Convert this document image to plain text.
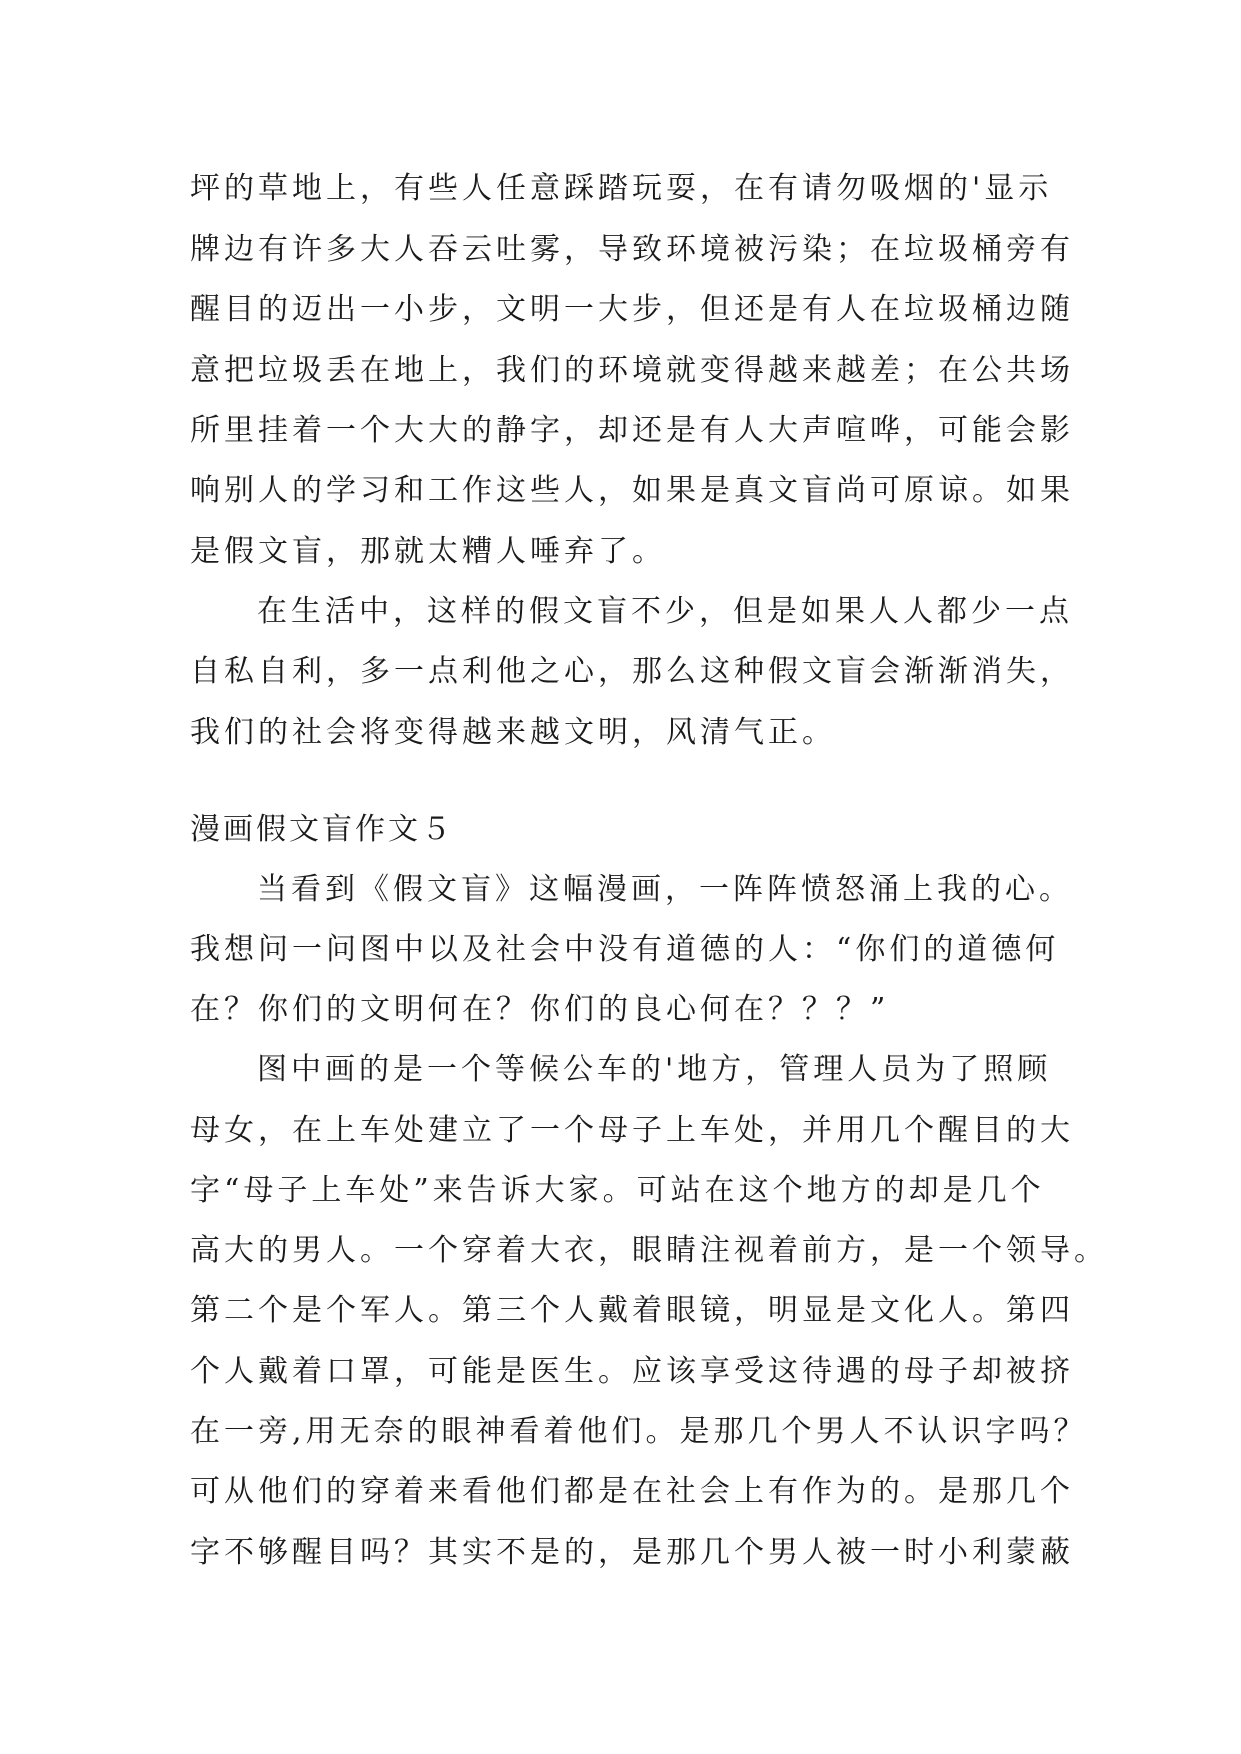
坪的草地上，有些人任意踩踏玩耍，在有请勿吸烟的'显示

牌边有许多大人吞云吐雾，导致环境被污染；在垃圾桶旁有

醒目的迈出一小步，文明一大步，但还是有人在垃圾桶边随

意把垃圾丢在地上，我们的环境就变得越来越差；在公共场

所里挂着一个大大的静字，却还是有人大声喧哗，可能会影

响别人的学习和工作这些人，如果是真文盲尚可原谅。如果

是假文盲，那就太糟人唾弃了。

在生活中，这样的假文盲不少，但是如果人人都少一点

自私自利，多一点利他之心，那么这种假文盲会渐渐消失，

我们的社会将变得越来越文明，风清气正。

漫画假文盲作文５

当看到《假文盲》这幅漫画，一阵阵愤怒涌上我的心。

我想问一问图中以及社会中没有道德的人：“你们的道德何

在？你们的文明何在？你们的良心何在？？？”

图中画的是一个等候公车的'地方，管理人员为了照顾

母女，在上车处建立了一个母子上车处，并用几个醒目的大

字“母子上车处”来告诉大家。可站在这个地方的却是几个

高大的男人。一个穿着大衣，眼睛注视着前方，是一个领导。

第二个是个军人。第三个人戴着眼镜，明显是文化人。第四

个人戴着口罩，可能是医生。应该享受这待遇的母子却被挤

在一旁,用无奈的眼神看着他们。是那几个男人不认识字吗？

可从他们的穿着来看他们都是在社会上有作为的。是那几个

字不够醒目吗？其实不是的，是那几个男人被一时小利蒙蔽
